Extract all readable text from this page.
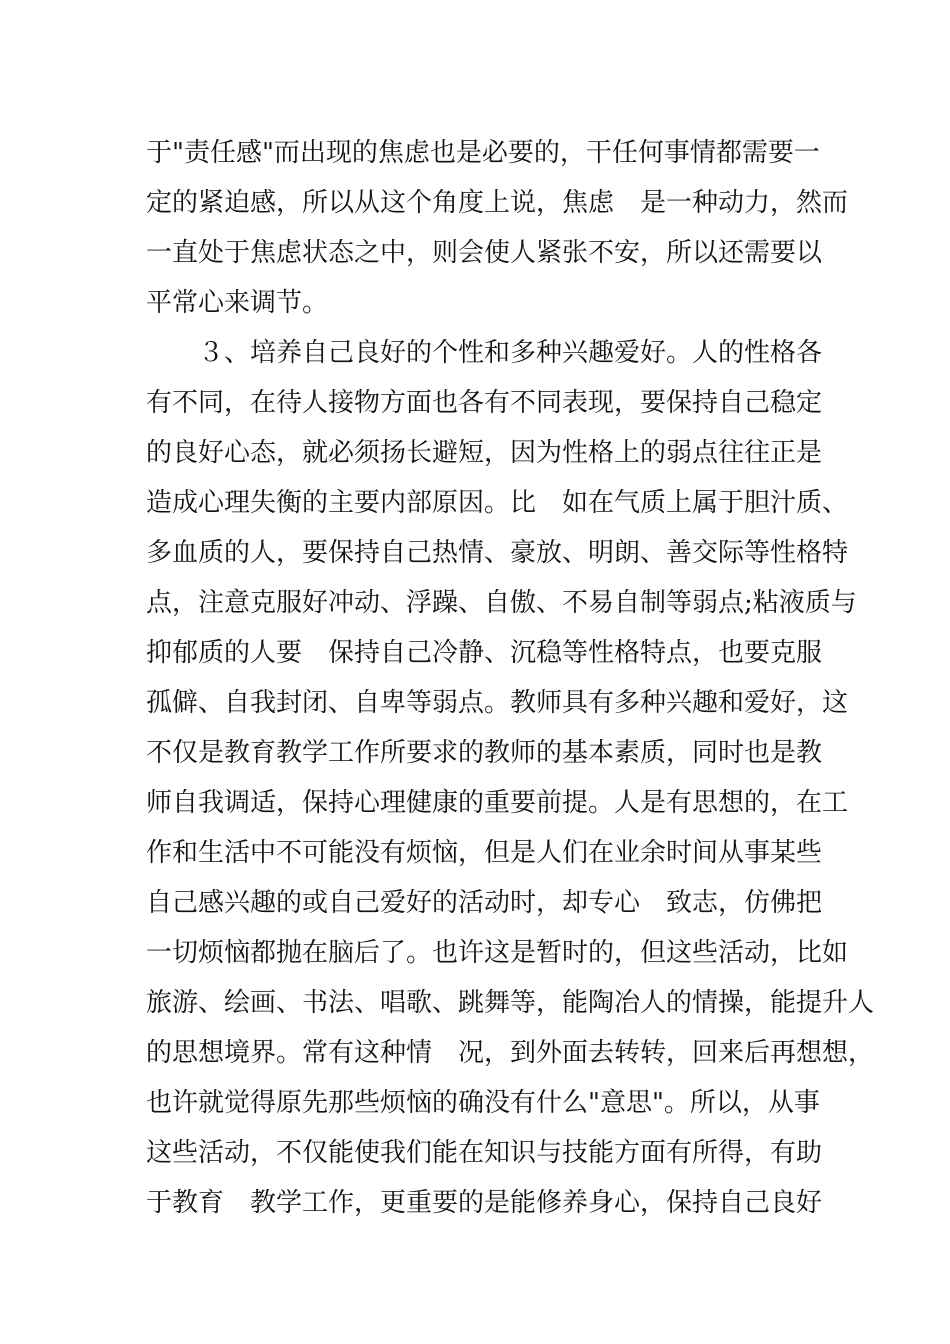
于"责任感"而出现的焦虑也是必要的，干任何事情都需要一
定的紧迫感，所以从这个角度上说，焦虑　是一种动力，然而
一直处于焦虑状态之中，则会使人紧张不安，所以还需要以
平常心来调节。
３、培养自己良好的个性和多种兴趣爱好。人的性格各
有不同，在待人接物方面也各有不同表现，要保持自己稳定
的良好心态，就必须扬长避短，因为性格上的弱点往往正是
造成心理失衡的主要内部原因。比　如在气质上属于胆汁质、
多血质的人，要保持自己热情、豪放、明朗、善交际等性格特
点，注意克服好冲动、浮躁、自傲、不易自制等弱点;粘液质与
抑郁质的人要　保持自己冷静、沉稳等性格特点，也要克服
孤僻、自我封闭、自卑等弱点。教师具有多种兴趣和爱好，这
不仅是教育教学工作所要求的教师的基本素质，同时也是教
师自我调适，保持心理健康的重要前提。人是有思想的，在工
作和生活中不可能没有烦恼，但是人们在业余时间从事某些
自己感兴趣的或自己爱好的活动时，却专心　致志，仿佛把
一切烦恼都抛在脑后了。也许这是暂时的，但这些活动，比如
旅游、绘画、书法、唱歌、跳舞等，能陶冶人的情操，能提升人
的思想境界。常有这种情　况，到外面去转转，回来后再想想，
也许就觉得原先那些烦恼的确没有什么"意思"。所以，从事
这些活动，不仅能使我们能在知识与技能方面有所得，有助
于教育　教学工作，更重要的是能修养身心，保持自己良好
